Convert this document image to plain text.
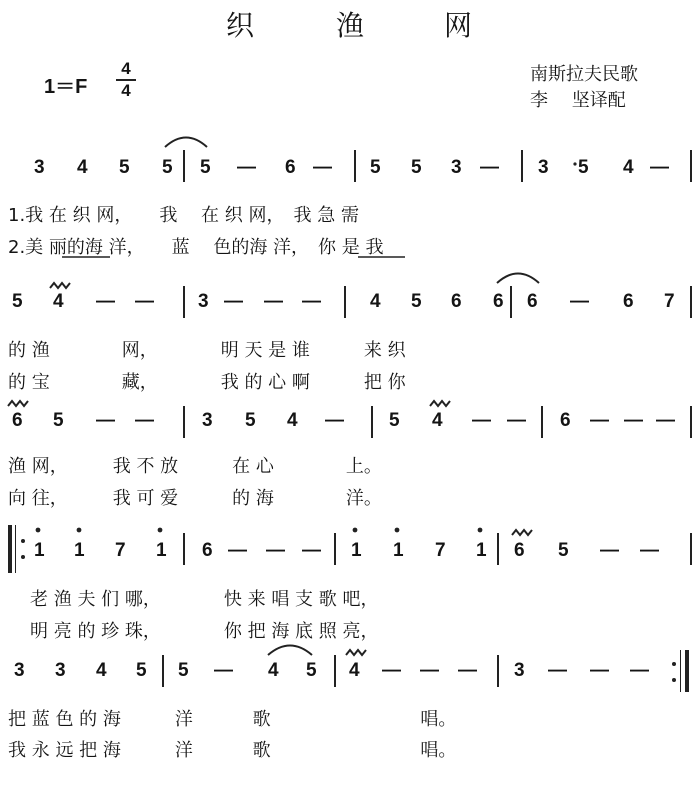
织	渔	网
1＝F
4
4
南斯拉夫民歌
李　 坚译配
3 4 5 5 5 — 6 — 5 5 3 — 3 5 4 —
1.我 在 织 网，　　我　 在 织 网，　我 急 需
2.美 丽的海 洋，　　蓝　 色的海 洋，　你 是 我
5 4 — — 3 — — —	4 5 6 6 6 — 6 7
的 渔　　　　网，　　　　明 天 是 谁　　　来 织
的 宝　　　　藏，　　　　我 的 心 啊　　　把 你
6 5 — —	3 5 4 — 5 4 — — 6 — — —
渔 网，　　　我 不 放　　　在 心　　　　上。
向 往，　　　我 可 爱　　　的 海　　　　洋。
1 1 7 1 6 — — — 1 1 7 1 6 5 — —
老 渔 夫 们 哪，　　　　快 来 唱 支 歌 吧，
明 亮 的 珍 珠，　　　　你 把 海 底 照 亮，
3 3 4 5 5 — 4 5 4 — — — 3 — — —
把 蓝 色 的 海　　　洋　　　 歌　　　　　　　　 唱。
我 永 远 把 海　　　洋　　　 歌　　　　　　　　 唱。
